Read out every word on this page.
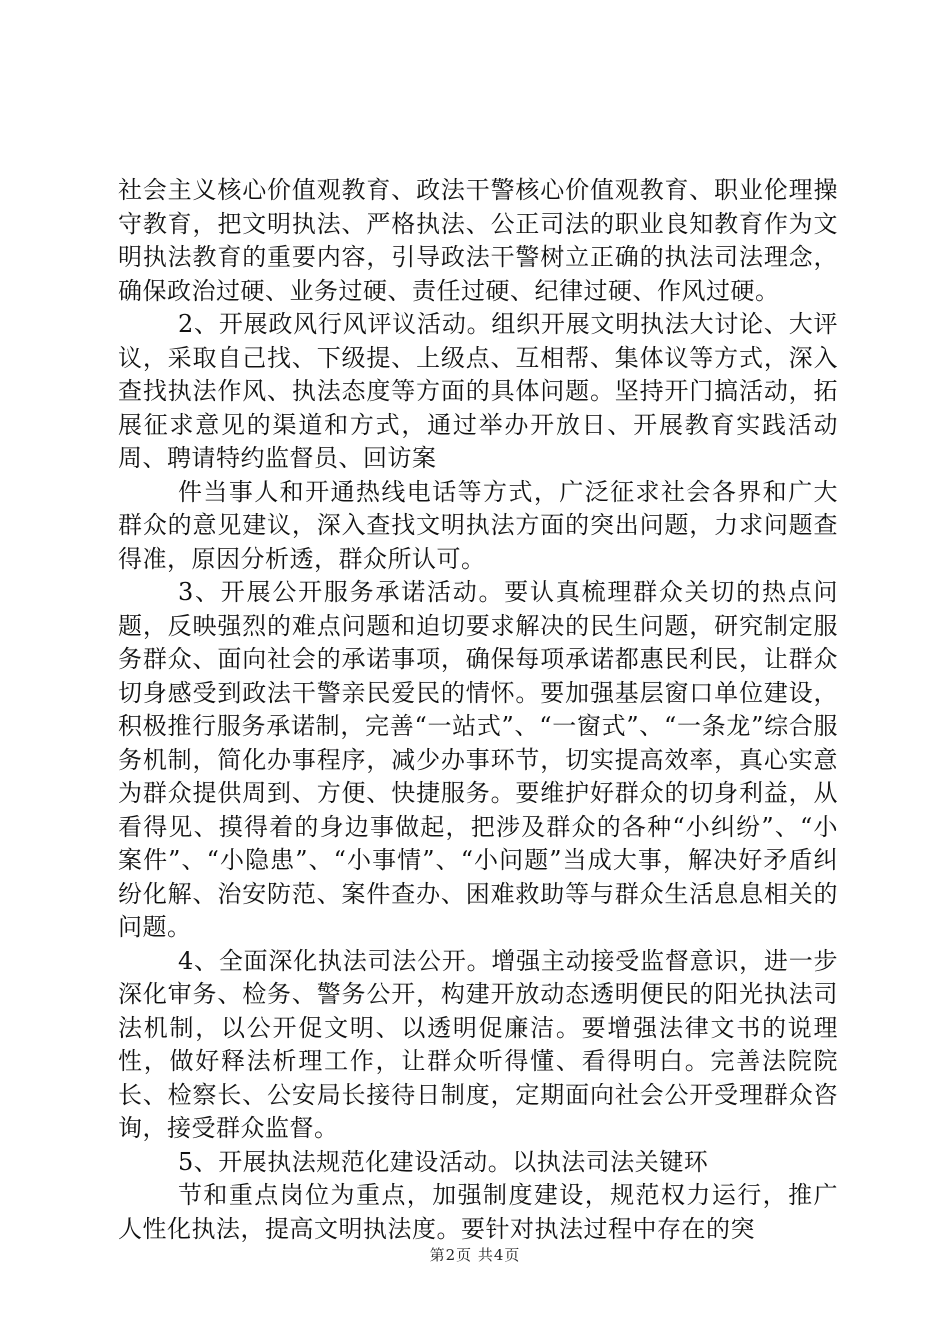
社会主义核心价值观教育、政法干警核心价值观教育、职业伦理操守教育，把文明执法、严格执法、公正司法的职业良知教育作为文明执法教育的重要内容，引导政法干警树立正确的执法司法理念，确保政治过硬、业务过硬、责任过硬、纪律过硬、作风过硬。

2、开展政风行风评议活动。组织开展文明执法大讨论、大评议，采取自己找、下级提、上级点、互相帮、集体议等方式，深入查找执法作风、执法态度等方面的具体问题。坚持开门搞活动，拓展征求意见的渠道和方式，通过举办开放日、开展教育实践活动周、聘请特约监督员、回访案

件当事人和开通热线电话等方式，广泛征求社会各界和广大群众的意见建议，深入查找文明执法方面的突出问题，力求问题查得准，原因分析透，群众所认可。

3、开展公开服务承诺活动。要认真梳理群众关切的热点问题，反映强烈的难点问题和迫切要求解决的民生问题，研究制定服务群众、面向社会的承诺事项，确保每项承诺都惠民利民，让群众切身感受到政法干警亲民爱民的情怀。要加强基层窗口单位建设，积极推行服务承诺制，完善“一站式”、“一窗式”、“一条龙”综合服务机制，简化办事程序，减少办事环节，切实提高效率，真心实意为群众提供周到、方便、快捷服务。要维护好群众的切身利益，从看得见、摸得着的身边事做起，把涉及群众的各种“小纠纷”、“小案件”、“小隐患”、“小事情”、“小问题”当成大事，解决好矛盾纠纷化解、治安防范、案件查办、困难救助等与群众生活息息相关的问题。

4、全面深化执法司法公开。增强主动接受监督意识，进一步深化审务、检务、警务公开，构建开放动态透明便民的阳光执法司法机制，以公开促文明、以透明促廉洁。要增强法律文书的说理性，做好释法析理工作，让群众听得懂、看得明白。完善法院院长、检察长、公安局长接待日制度，定期面向社会公开受理群众咨询，接受群众监督。

5、开展执法规范化建设活动。以执法司法关键环

节和重点岗位为重点，加强制度建设，规范权力运行，推广人性化执法，提高文明执法度。要针对执法过程中存在的突

第2页 共4页
